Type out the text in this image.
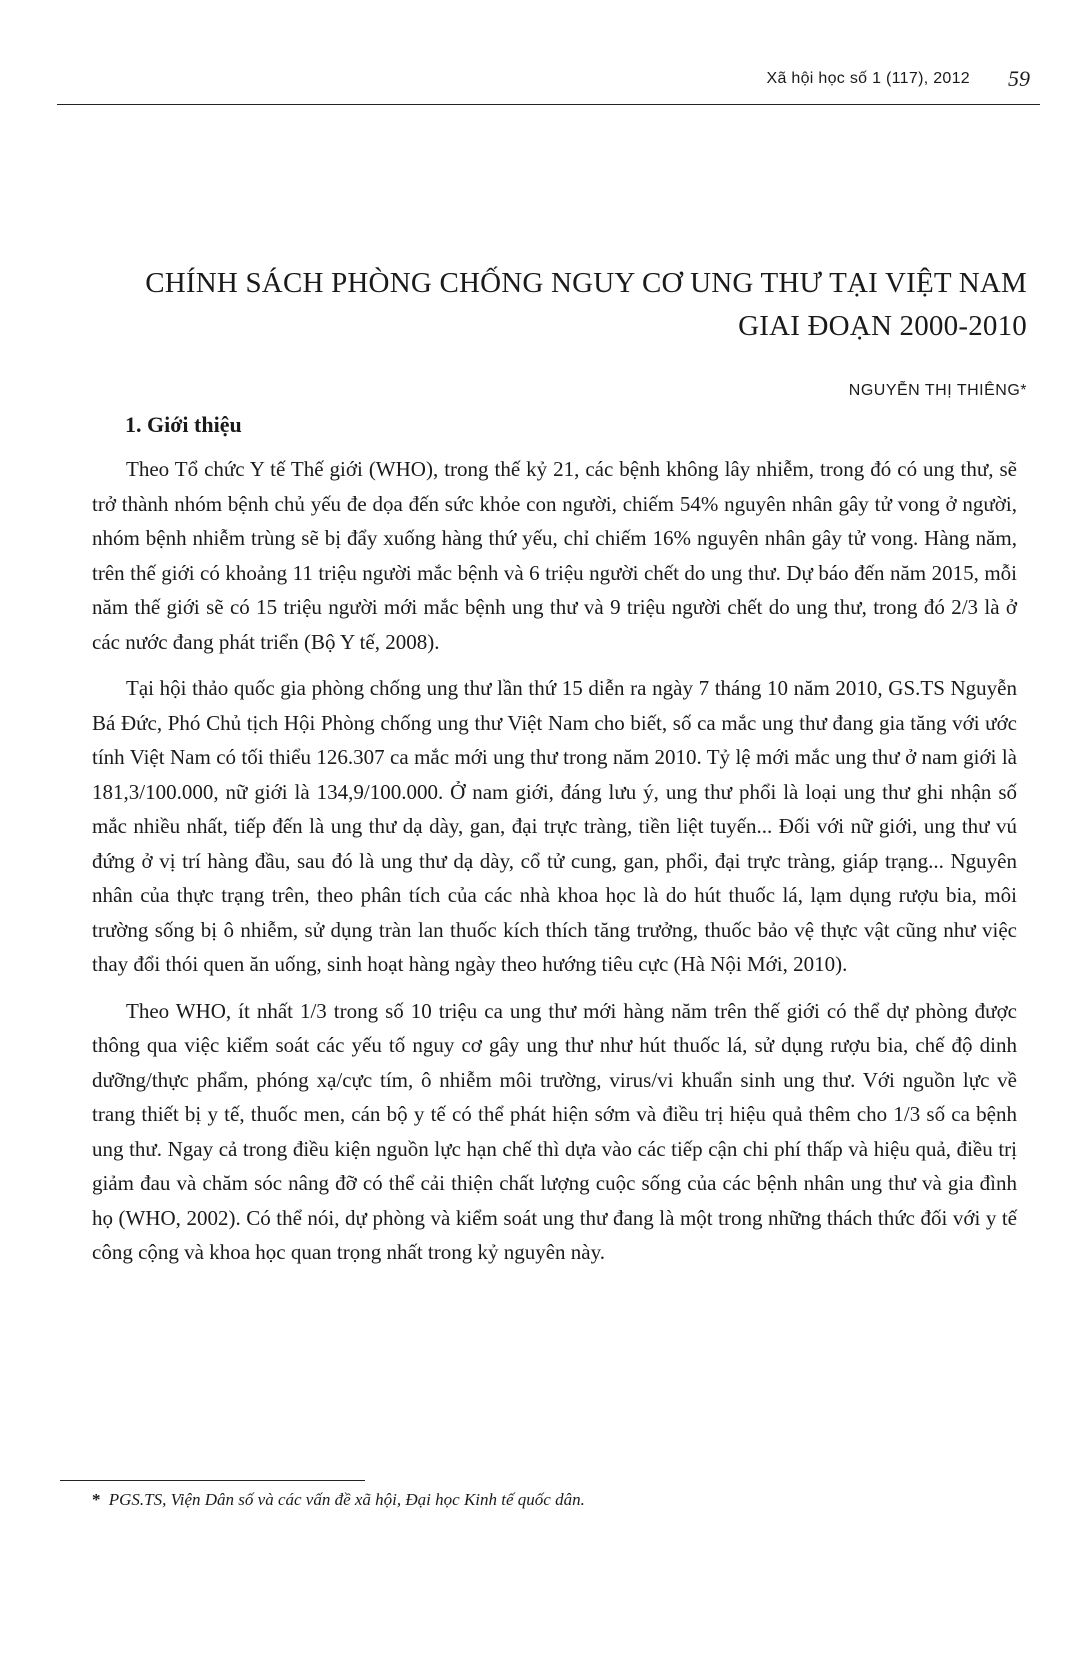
Xã hội học số 1 (117), 2012 59
CHÍNH SÁCH PHÒNG CHỐNG NGUY CƠ UNG THƯ TẠI VIỆT NAM GIAI ĐOẠN 2000-2010
NGUYỄN THỊ THIÊNG*
1. Giới thiệu

Theo Tổ chức Y tế Thế giới (WHO), trong thế kỷ 21, các bệnh không lây nhiễm, trong đó có ung thư, sẽ trở thành nhóm bệnh chủ yếu đe dọa đến sức khỏe con người, chiếm 54% nguyên nhân gây tử vong ở người, nhóm bệnh nhiễm trùng sẽ bị đẩy xuống hàng thứ yếu, chỉ chiếm 16% nguyên nhân gây tử vong. Hàng năm, trên thế giới có khoảng 11 triệu người mắc bệnh và 6 triệu người chết do ung thư. Dự báo đến năm 2015, mỗi năm thế giới sẽ có 15 triệu người mới mắc bệnh ung thư và 9 triệu người chết do ung thư, trong đó 2/3 là ở các nước đang phát triển (Bộ Y tế, 2008).

Tại hội thảo quốc gia phòng chống ung thư lần thứ 15 diễn ra ngày 7 tháng 10 năm 2010, GS.TS Nguyễn Bá Đức, Phó Chủ tịch Hội Phòng chống ung thư Việt Nam cho biết, số ca mắc ung thư đang gia tăng với ước tính Việt Nam có tối thiểu 126.307 ca mắc mới ung thư trong năm 2010. Tỷ lệ mới mắc ung thư ở nam giới là 181,3/100.000, nữ giới là 134,9/100.000. Ở nam giới, đáng lưu ý, ung thư phổi là loại ung thư ghi nhận số mắc nhiều nhất, tiếp đến là ung thư dạ dày, gan, đại trực tràng, tiền liệt tuyến... Đối với nữ giới, ung thư vú đứng ở vị trí hàng đầu, sau đó là ung thư dạ dày, cổ tử cung, gan, phổi, đại trực tràng, giáp trạng... Nguyên nhân của thực trạng trên, theo phân tích của các nhà khoa học là do hút thuốc lá, lạm dụng rượu bia, môi trường sống bị ô nhiễm, sử dụng tràn lan thuốc kích thích tăng trưởng, thuốc bảo vệ thực vật cũng như việc thay đổi thói quen ăn uống, sinh hoạt hàng ngày theo hướng tiêu cực (Hà Nội Mới, 2010).

Theo WHO, ít nhất 1/3 trong số 10 triệu ca ung thư mới hàng năm trên thế giới có thể dự phòng được thông qua việc kiểm soát các yếu tố nguy cơ gây ung thư như hút thuốc lá, sử dụng rượu bia, chế độ dinh dưỡng/thực phẩm, phóng xạ/cực tím, ô nhiễm môi trường, virus/vi khuẩn sinh ung thư. Với nguồn lực về trang thiết bị y tế, thuốc men, cán bộ y tế có thể phát hiện sớm và điều trị hiệu quả thêm cho 1/3 số ca bệnh ung thư. Ngay cả trong điều kiện nguồn lực hạn chế thì dựa vào các tiếp cận chi phí thấp và hiệu quả, điều trị giảm đau và chăm sóc nâng đỡ có thể cải thiện chất lượng cuộc sống của các bệnh nhân ung thư và gia đình họ (WHO, 2002). Có thể nói, dự phòng và kiểm soát ung thư đang là một trong những thách thức đối với y tế công cộng và khoa học quan trọng nhất trong kỷ nguyên này.

* PGS.TS, Viện Dân số và các vấn đề xã hội, Đại học Kinh tế quốc dân.
